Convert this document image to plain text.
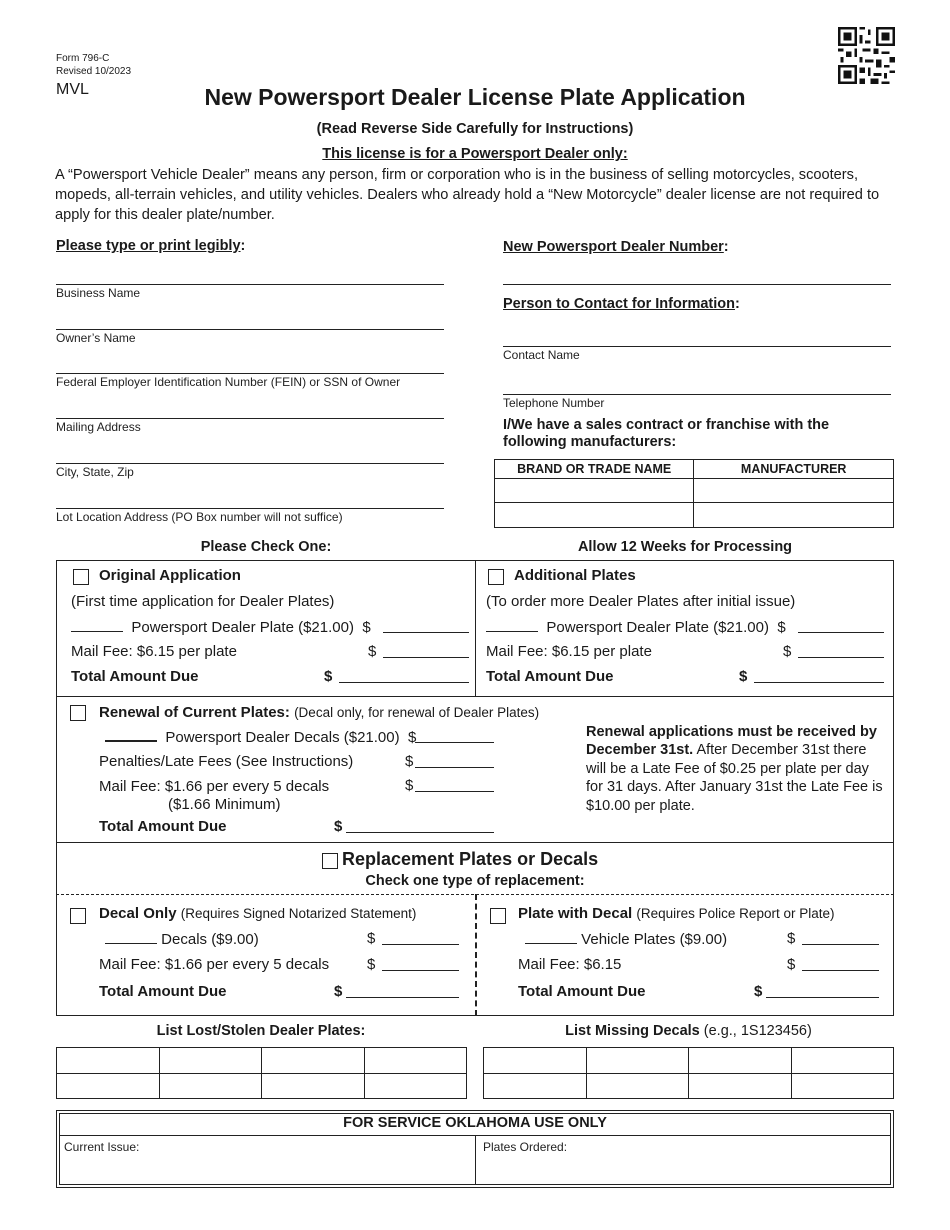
Form 796-C
Revised 10/2023
MVL	New Powersport Dealer License Plate Application
(Read Reverse Side Carefully for Instructions)
This license is for a Powersport Dealer only:
A “Powersport Vehicle Dealer” means any person, firm or corporation who is in the business of selling motorcycles, scooters, mopeds, all-terrain vehicles, and utility vehicles. Dealers who already hold a “New Motorcycle” dealer license are not required to apply for this dealer plate/number.
Please type or print legibly:
Business Name
Owner’s Name
Federal Employer Identification Number (FEIN) or SSN of Owner
Mailing Address
City, State, Zip
Lot Location Address (PO Box number will not suffice)
New Powersport Dealer Number:
Person to Contact for Information:
Contact Name
Telephone Number
I/We have a sales contract or franchise with the following manufacturers:
BRAND OR TRADE NAME	MANUFACTURER

Please Check One:	Allow 12 Weeks for Processing
Original Application
(First time application for Dealer Plates)
Powersport Dealer Plate ($21.00) $
Mail Fee: $6.15 per plate	$
Total Amount Due	$
Additional Plates
(To order more Dealer Plates after initial issue)
Powersport Dealer Plate ($21.00) $
Mail Fee: $6.15 per plate	$
Total Amount Due	$
Renewal of Current Plates: (Decal only, for renewal of Dealer Plates)
Powersport Dealer Decals ($21.00) $
Penalties/Late Fees (See Instructions)	$
Mail Fee: $1.66 per every 5 decals	$
($1.66 Minimum)
Total Amount Due	$
Renewal applications must be received by December 31st. After December 31st there will be a Late Fee of $0.25 per plate per day for 31 days. After January 31st the Late Fee is $10.00 per plate.
Replacement Plates or Decals
Check one type of replacement:
Decal Only (Requires Signed Notarized Statement)
Decals ($9.00)	$
Mail Fee: $1.66 per every 5 decals	$
Total Amount Due	$
Plate with Decal (Requires Police Report or Plate)
Vehicle Plates ($9.00)	$
Mail Fee: $6.15	$
Total Amount Due	$
List Lost/Stolen Dealer Plates:	List Missing Decals (e.g., 1S123456)

FOR SERVICE OKLAHOMA USE ONLY
Current Issue:	Plates Ordered:
